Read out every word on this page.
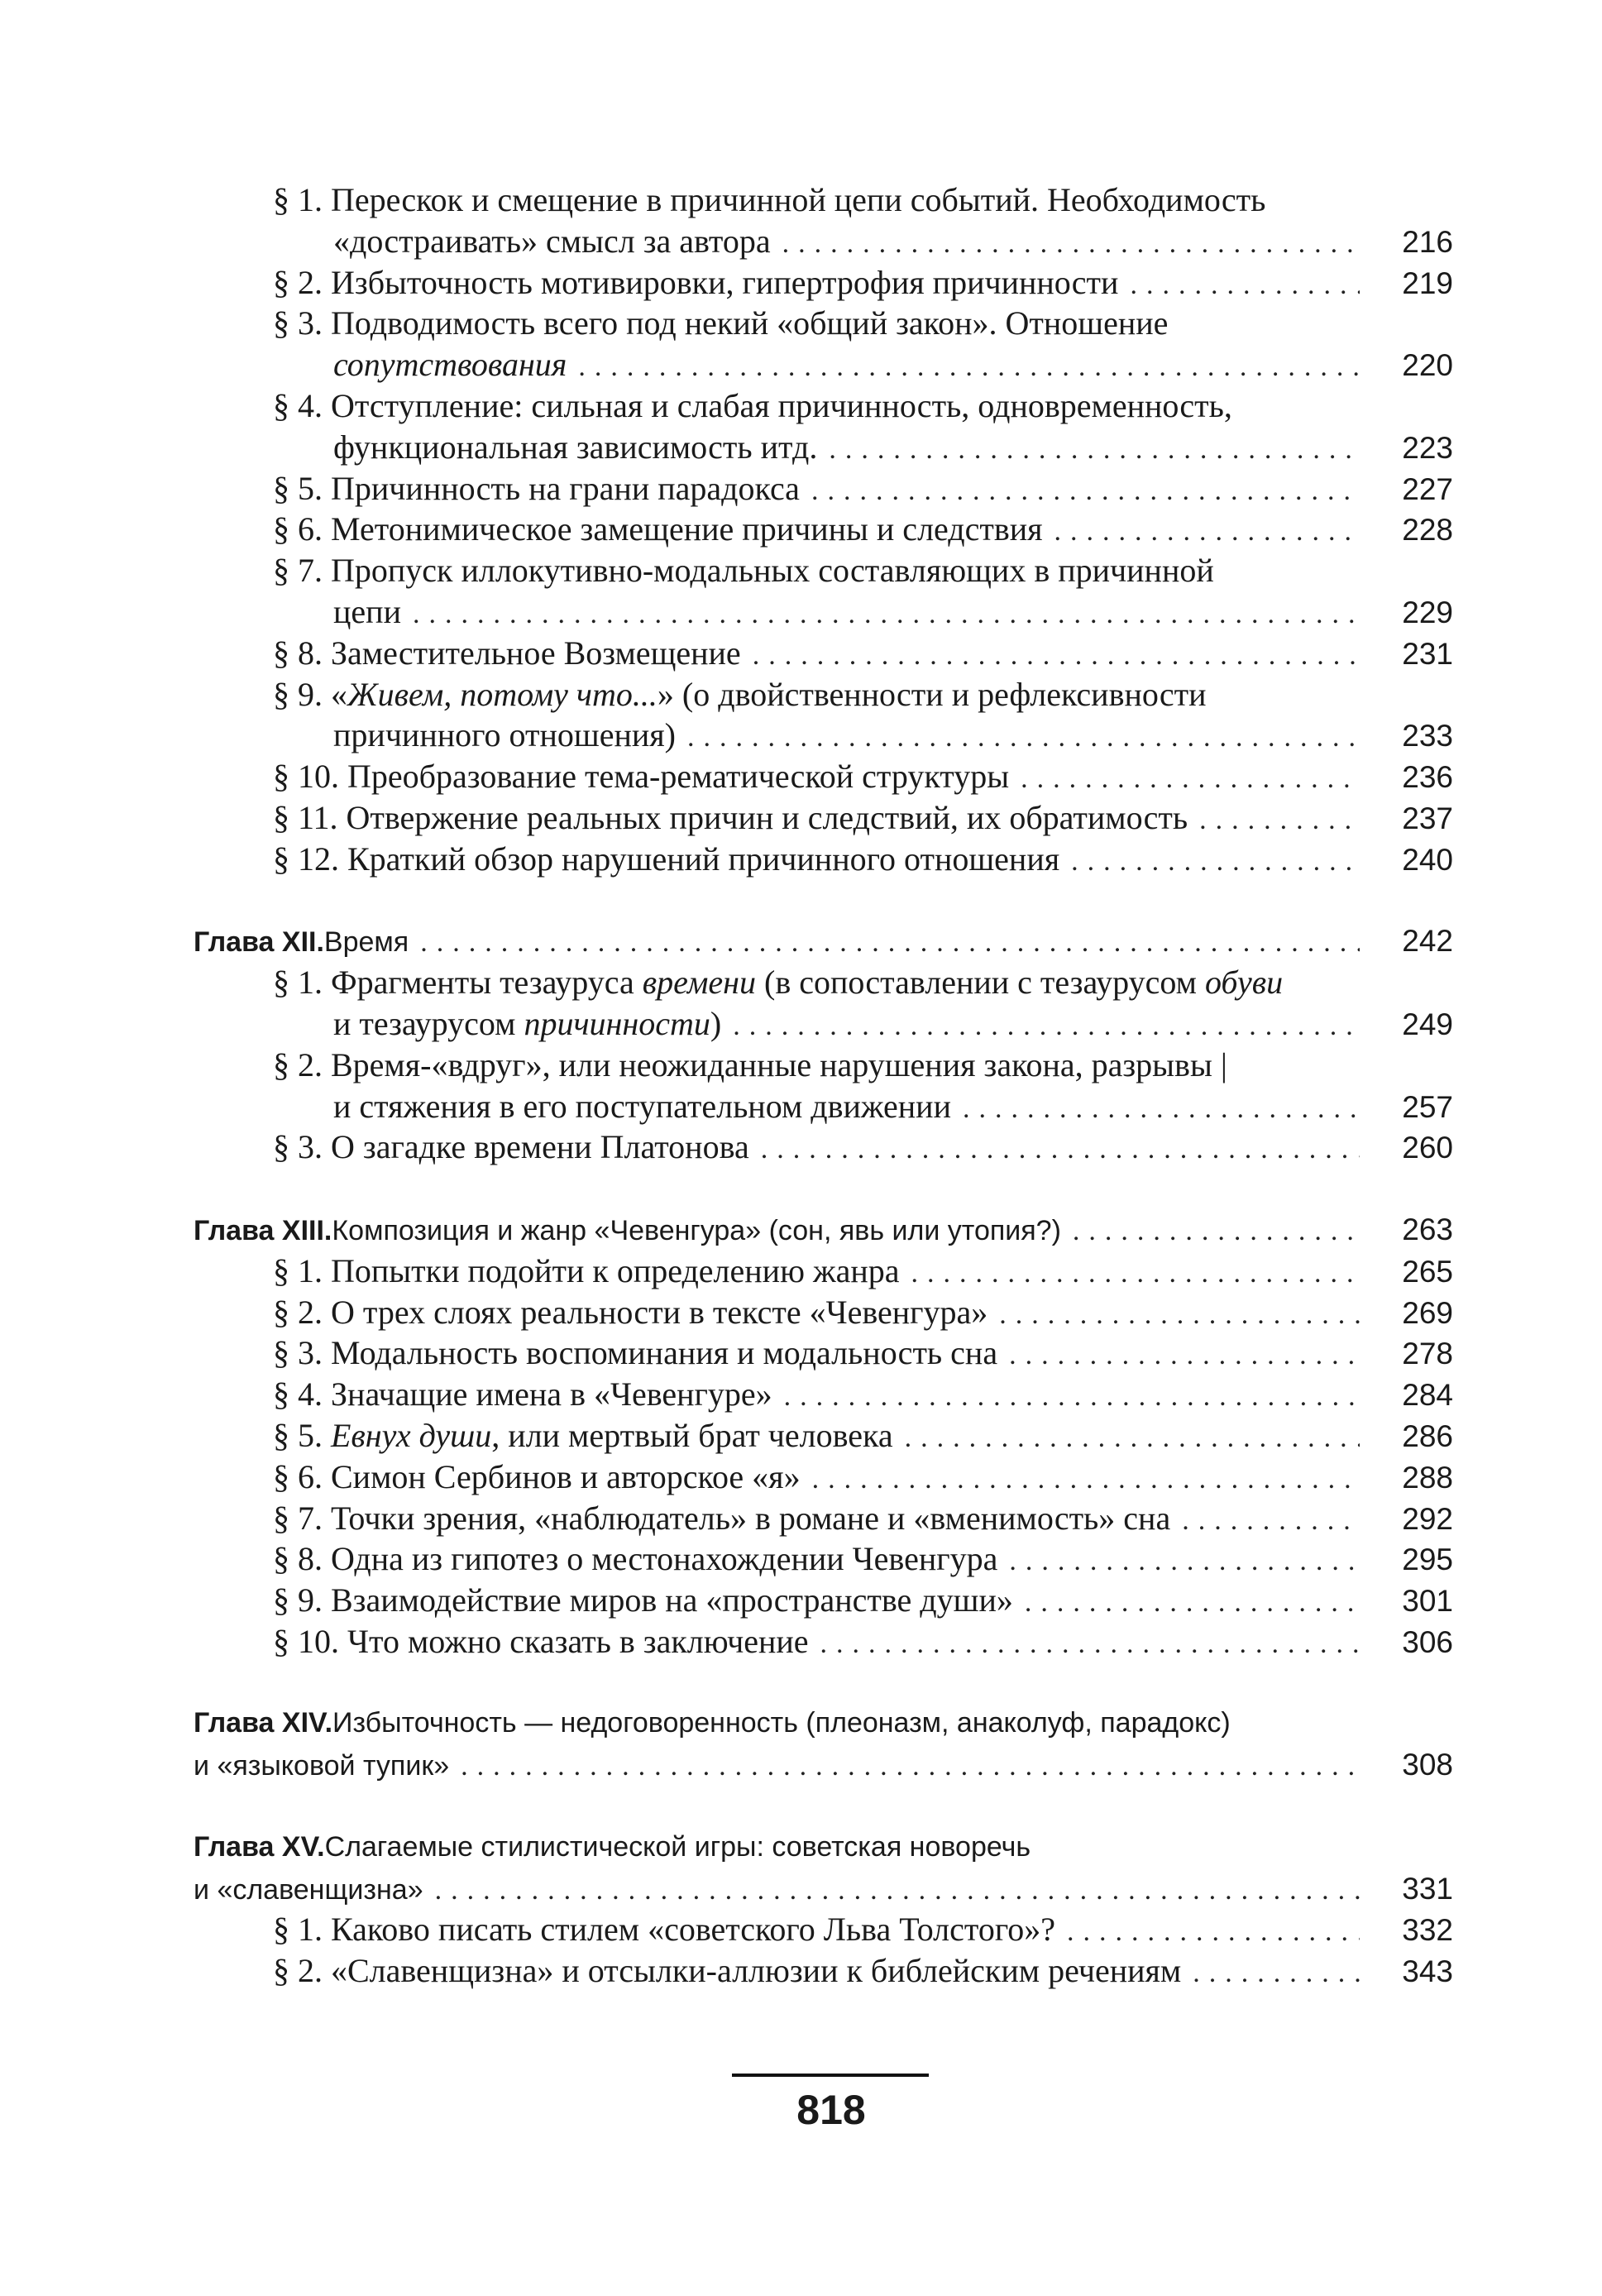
§ 1. Перескок и смещение в причинной цепи событий. Необходимость
«достраивать» смысл за автора .....	216
§ 2. Избыточность мотивировки, гипертрофия причинности .....	219
§ 3. Подводимость всего под некий «общий закон». Отношение
сопутствования .....	220
§ 4. Отступление: сильная и слабая причинность, одновременность,
функциональная зависимость итд. .....	223
§ 5. Причинность на грани парадокса .....	227
§ 6. Метонимическое замещение причины и следствия .....	228
§ 7. Пропуск иллокутивно-модальных составляющих в причинной
цепи .....	229
§ 8. Заместительное Возмещение .....	231
§ 9. «Живем, потому что...» (о двойственности и рефлексивности
причинного отношения) .....	233
§ 10. Преобразование тема-рематической структуры .....	236
§ 11. Отвержение реальных причин и следствий, их обратимость .....	237
§ 12. Краткий обзор нарушений причинного отношения .....	240
Глава XII. Время .....	242
§ 1. Фрагменты тезауруса времени (в сопоставлении с тезаурусом обуви
и тезаурусом причинности) .....	249
§ 2. Время-«вдруг», или неожиданные нарушения закона, разрывы |
и стяжения в его поступательном движении .....	257
§ 3. О загадке времени Платонова .....	260
Глава XIII. Композиция и жанр «Чевенгура» (сон, явь или утопия?) .....	263
§ 1. Попытки подойти к определению жанра .....	265
§ 2. О трех слоях реальности в тексте «Чевенгура» .....	269
§ 3. Модальность воспоминания и модальность сна .....	278
§ 4. Значащие имена в «Чевенгуре» .....	284
§ 5. Евнух души, или мертвый брат человека .....	286
§ 6. Симон Сербинов и авторское «я» .....	288
§ 7. Точки зрения, «наблюдатель» в романе и «вменимость» сна .....	292
§ 8. Одна из гипотез о местонахождении Чевенгура .....	295
§ 9. Взаимодействие миров на «пространстве души» .....	301
§ 10. Что можно сказать в заключение .....	306
Глава XIV. Избыточность — недоговоренность (плеоназм, анаколуф, парадокс)
и «языковой тупик» .....	308
Глава XV. Слагаемые стилистической игры: советская новоречь
и «славенщизна» .....	331
§ 1. Каково писать стилем «советского Льва Толстого»? .....	332
§ 2. «Славенщизна» и отсылки-аллюзии к библейским речениям .....	343
818
